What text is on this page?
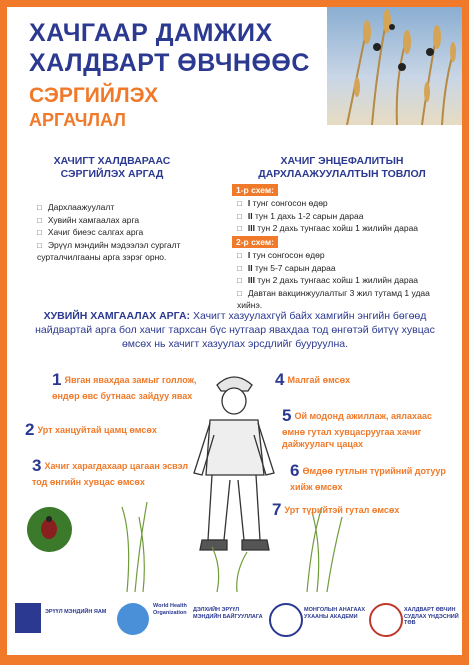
ХАЧГААР ДАМЖИХ
ХАЛДВАРТ ӨВЧНӨӨС
СЭРГИЙЛЭХ
АРГАЧЛАЛ
ХАЧИГТ ХАЛДВАРААС СЭРГИЙЛЭХ АРГАД
□ Дархлаажуулалт
□ Хувийн хамгаалах арга
□ Хачиг биеэс салгах арга
□ Эрүүл мэндийн мэдээлэл сургалт сурталчилгааны арга зэрэг орно.
ХАЧИГ ЭНЦЕФАЛИТЫН ДАРХЛААЖУУЛАЛТЫН ТОВЛОЛ
1-р схем:
□ I тунг сонгосон өдөр
□ II тун 1 дахь 1-2 сарын дараа
□ III тун 2 дахь тунгаас хойш 1 жилийн дараа
2-р схем:
□ I тун сонгосон өдөр
□ II тун 5-7 сарын дараа
□ III тун 2 дахь тунгаас хойш 1 жилийн дараа
□ Давтан вакцинжуулалтыг 3 жил тутамд 1 удаа хийнэ.
ХУВИЙН ХАМГААЛАХ АРГА: Хачигт хазуулахгүй байх хамгийн энгийн бөгөөд найдвартай арга бол хачиг тархсан бүс нутгаар явахдаа тод өнгөтэй битүү хувцас өмсөх нь хачигт хазуулах эрсдлийг бууруулна.
1 Явган явахдаа замыг голлож, өндөр өвс бутнаас зайдуу явах
2 Урт ханцуйтай цамц өмсөх
3 Хачиг харагдахаар цагаан эсвэл тод өнгийн хувцас өмсөх
4 Малгай өмсөх
5 Ой модонд ажиллаж, аялахаас өмнө гутал хувцасруугаа хачиг дайжуулагч цацах
6 Өмдөө гутлын түрийний дотуур хийж өмсөх
7 Урт түрийтэй гутал өмсөх
ЭРҮҮЛ МЭНДИЙН ЯАМ
World Health Organization	ДЭЛХИЙН ЭРҮҮЛ МЭНДИЙН БАЙГУУЛЛАГА
МОНГОЛЫН АНАГААХ УХААНЫ АКАДЕМИ
ХАЛДВАРТ ӨВЧИН СУДЛАХ ҮНДЭСНИЙ ТӨВ
